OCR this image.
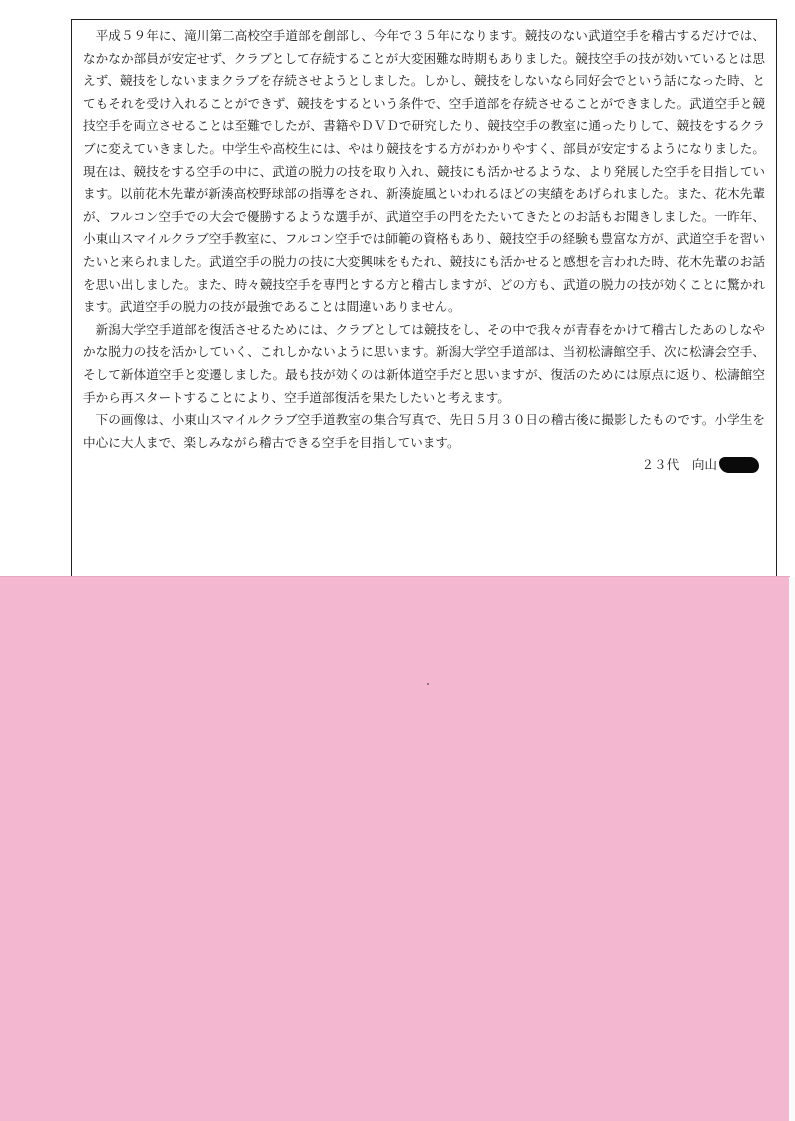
平成５９年に、滝川第二高校空手道部を創部し、今年で３５年になります。競技のない武道空手を稽古するだけでは、なかなか部員が安定せず、クラブとして存続することが大変困難な時期もありました。競技空手の技が効いているとは思えず、競技をしないままクラブを存続させようとしました。しかし、競技をしないなら同好会でという話になった時、とてもそれを受け入れることができず、競技をするという条件で、空手道部を存続させることができました。武道空手と競技空手を両立させることは至難でしたが、書籍やＤＶＤで研究したり、競技空手の教室に通ったりして、競技をするクラブに変えていきました。中学生や高校生には、やはり競技をする方がわかりやすく、部員が安定するようになりました。現在は、競技をする空手の中に、武道の脱力の技を取り入れ、競技にも活かせるような、より発展した空手を目指しています。以前花木先輩が新湊高校野球部の指導をされ、新湊旋風といわれるほどの実績をあげられました。また、花木先輩が、フルコン空手での大会で優勝するような選手が、武道空手の門をたたいてきたとのお話もお聞きしました。一昨年、小東山スマイルクラブ空手教室に、フルコン空手では師範の資格もあり、競技空手の経験も豊富な方が、武道空手を習いたいと来られました。武道空手の脱力の技に大変興味をもたれ、競技にも活かせると感想を言われた時、花木先輩のお話を思い出しました。また、時々競技空手を専門とする方と稽古しますが、どの方も、武道の脱力の技が効くことに驚かれます。武道空手の脱力の技が最強であることは間違いありません。

新潟大学空手道部を復活させるためには、クラブとしては競技をし、その中で我々が青春をかけて稽古したあのしなやかな脱力の技を活かしていく、これしかないように思います。新潟大学空手道部は、当初松濤館空手、次に松濤会空手、そして新体道空手と変遷しました。最も技が効くのは新体道空手だと思いますが、復活のためには原点に返り、松濤館空手から再スタートすることにより、空手道部復活を果たしたいと考えます。

下の画像は、小東山スマイルクラブ空手道教室の集合写真で、先日５月３０日の稽古後に撮影したものです。小学生を中心に大人まで、楽しみながら稽古できる空手を目指しています。

２３代　向山
